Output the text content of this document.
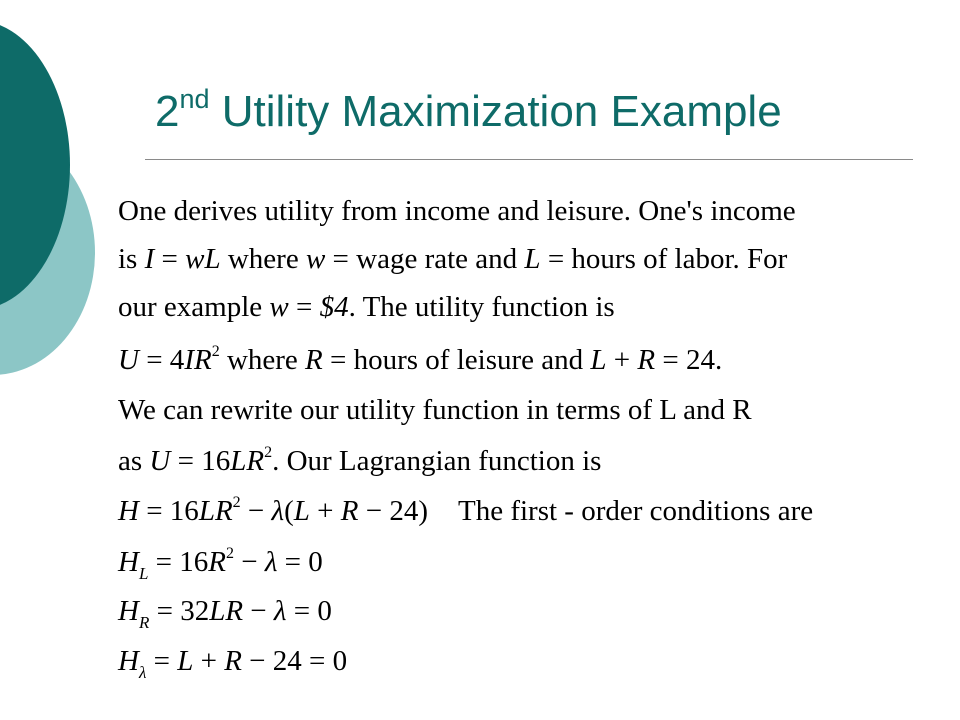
2nd Utility Maximization Example
One derives utility from income and leisure. One's income
is I = wL where w = wage rate and L = hours of labor. For
our example w = $4. The utility function is
$U = 4IR^2$ where R = hours of leisure and L + R = 24.
We can rewrite our utility function in terms of L and R
as $U = 16LR^2$. Our Lagrangian function is
$H = 16LR^2 - \lambda(L + R - 24)$ The first - order conditions are
$H_L = 16R^2 - \lambda = 0$
$H_R = 32LR - \lambda = 0$
$H_\lambda = L + R - 24 = 0$
